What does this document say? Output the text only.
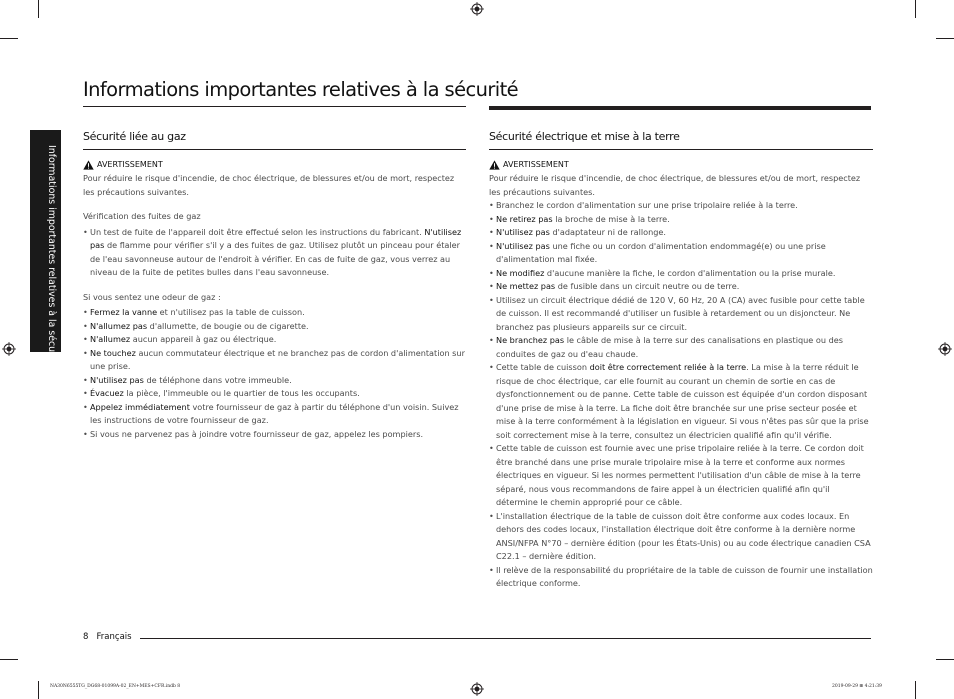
Informations importantes relatives à la sécurité
Informations importantes relatives à la sécurité
Sécurité liée au gaz
AVERTISSEMENT
Pour réduire le risque d'incendie, de choc électrique, de blessures et/ou de mort, respectez les précautions suivantes.
Vérification des fuites de gaz
• Un test de fuite de l'appareil doit être effectué selon les instructions du fabricant. N'utilisez pas de flamme pour vérifier s'il y a des fuites de gaz. Utilisez plutôt un pinceau pour étaler de l'eau savonneuse autour de l'endroit à vérifier. En cas de fuite de gaz, vous verrez au niveau de la fuite de petites bulles dans l'eau savonneuse.
Si vous sentez une odeur de gaz :
• Fermez la vanne et n'utilisez pas la table de cuisson.
• N'allumez pas d'allumette, de bougie ou de cigarette.
• N'allumez aucun appareil à gaz ou électrique.
• Ne touchez aucun commutateur électrique et ne branchez pas de cordon d'alimentation sur une prise.
• N'utilisez pas de téléphone dans votre immeuble.
• Évacuez la pièce, l'immeuble ou le quartier de tous les occupants.
• Appelez immédiatement votre fournisseur de gaz à partir du téléphone d'un voisin. Suivez les instructions de votre fournisseur de gaz.
• Si vous ne parvenez pas à joindre votre fournisseur de gaz, appelez les pompiers.
Sécurité électrique et mise à la terre
AVERTISSEMENT
Pour réduire le risque d'incendie, de choc électrique, de blessures et/ou de mort, respectez les précautions suivantes.
• Branchez le cordon d'alimentation sur une prise tripolaire reliée à la terre.
• Ne retirez pas la broche de mise à la terre.
• N'utilisez pas d'adaptateur ni de rallonge.
• N'utilisez pas une fiche ou un cordon d'alimentation endommagé(e) ou une prise d'alimentation mal fixée.
• Ne modifiez d'aucune manière la fiche, le cordon d'alimentation ou la prise murale.
• Ne mettez pas de fusible dans un circuit neutre ou de terre.
• Utilisez un circuit électrique dédié de 120 V, 60 Hz, 20 A (CA) avec fusible pour cette table de cuisson. Il est recommandé d'utiliser un fusible à retardement ou un disjoncteur. Ne branchez pas plusieurs appareils sur ce circuit.
• Ne branchez pas le câble de mise à la terre sur des canalisations en plastique ou des conduites de gaz ou d'eau chaude.
• Cette table de cuisson doit être correctement reliée à la terre. La mise à la terre réduit le risque de choc électrique, car elle fournit au courant un chemin de sortie en cas de dysfonctionnement ou de panne. Cette table de cuisson est équipée d'un cordon disposant d'une prise de mise à la terre. La fiche doit être branchée sur une prise secteur posée et mise à la terre conformément à la législation en vigueur. Si vous n'êtes pas sûr que la prise soit correctement mise à la terre, consultez un électricien qualifié afin qu'il vérifie.
• Cette table de cuisson est fournie avec une prise tripolaire reliée à la terre. Ce cordon doit être branché dans une prise murale tripolaire mise à la terre et conforme aux normes électriques en vigueur. Si les normes permettent l'utilisation d'un câble de mise à la terre séparé, nous vous recommandons de faire appel à un électricien qualifié afin qu'il détermine le chemin approprié pour ce câble.
• L'installation électrique de la table de cuisson doit être conforme aux codes locaux. En dehors des codes locaux, l'installation électrique doit être conforme à la dernière norme ANSI/NFPA N°70 – dernière édition (pour les États-Unis) ou au code électrique canadien CSA C22.1 – dernière édition.
• Il relève de la responsabilité du propriétaire de la table de cuisson de fournir une installation électrique conforme.
8 Français
NA30N6555TG_DG68-01099A-02_EN+MES+CFR.indb 8	2019-09-29 ⊞ 4:21:39
